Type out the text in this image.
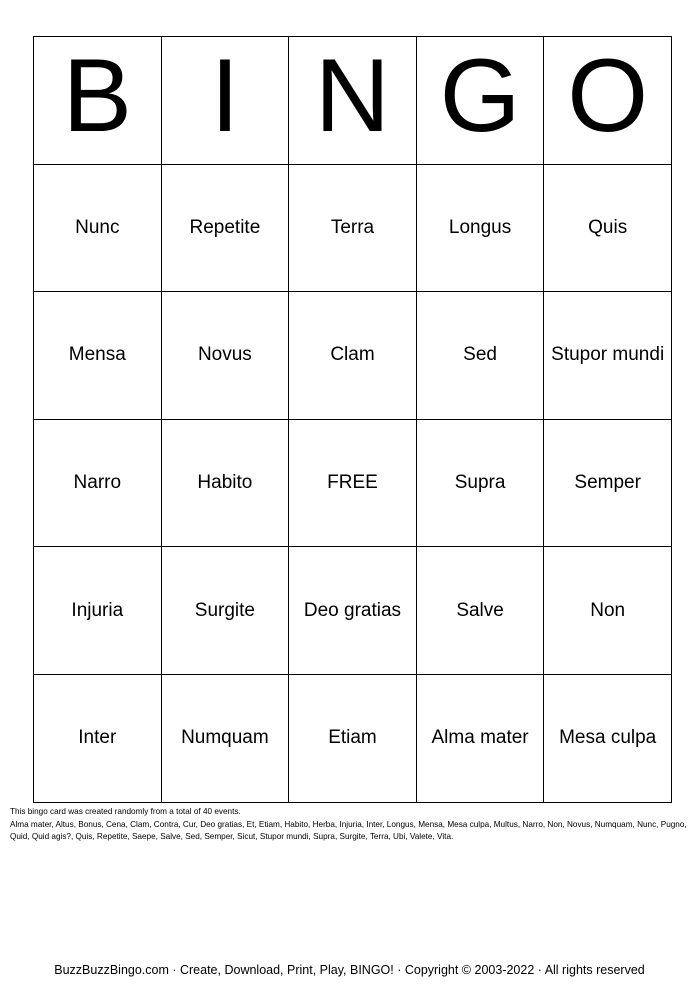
B	I	N	G	O

Nunc	Repetite	Terra	Longus	Quis

Mensa	Novus	Clam	Sed	Stupor mundi

Narro	Habito	FREE	Supra	Semper

Injuria	Surgite	Deo gratias	Salve	Non

Inter	Numquam	Etiam	Alma mater	Mesa culpa
This bingo card was created randomly from a total of 40 events.
Alma mater, Altus, Bonus, Cena, Clam, Contra, Cur, Deo gratias, Et, Etiam, Habito, Herba, Injuria, Inter, Longus, Mensa, Mesa culpa, Multus, Narro, Non, Novus, Numquam, Nunc, Pugno, Quid, Quid agis?, Quis, Repetite, Saepe, Salve, Sed, Semper, Sicut, Stupor mundi, Supra, Surgite, Terra, Ubi, Valete, Vita.
BuzzBuzzBingo.com · Create, Download, Print, Play, BINGO! · Copyright © 2003-2022 · All rights reserved
